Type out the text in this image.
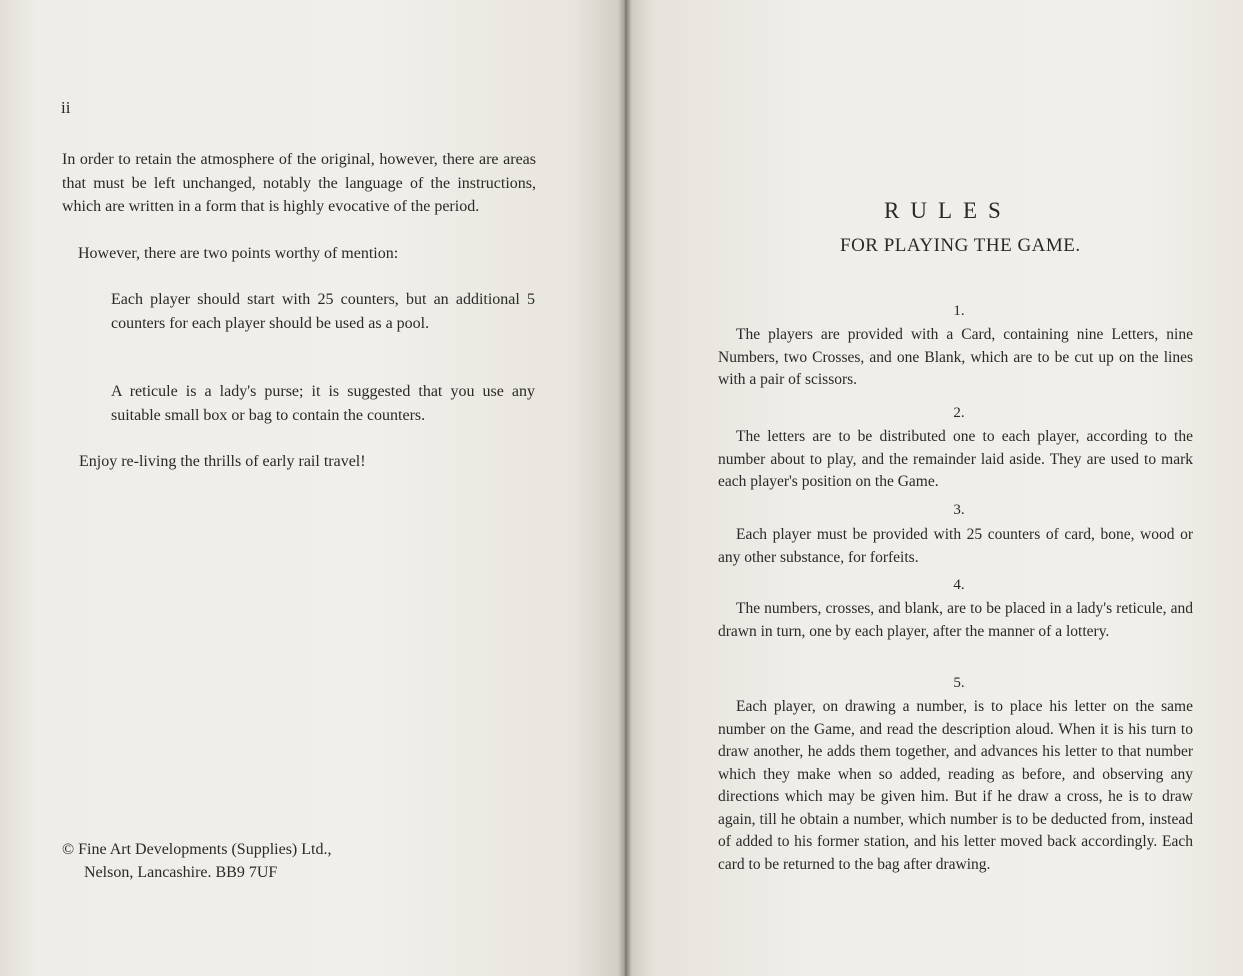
ii

In order to retain the atmosphere of the original, however, there are areas that must be left unchanged, notably the language of the instructions, which are written in a form that is highly evocative of the period.

However, there are two points worthy of mention:

Each player should start with 25 counters, but an additional 5 counters for each player should be used as a pool.

A reticule is a lady's purse; it is suggested that you use any suitable small box or bag to contain the counters.

Enjoy re-living the thrills of early rail travel!

© Fine Art Developments (Supplies) Ltd.,
Nelson, Lancashire. BB9 7UF
RULES
FOR PLAYING THE GAME.
1.

The players are provided with a Card, containing nine Letters, nine Numbers, two Crosses, and one Blank, which are to be cut up on the lines with a pair of scissors.

2.

The letters are to be distributed one to each player, according to the number about to play, and the remainder laid aside. They are used to mark each player's position on the Game.

3.

Each player must be provided with 25 counters of card, bone, wood or any other substance, for forfeits.

4.

The numbers, crosses, and blank, are to be placed in a lady's reticule, and drawn in turn, one by each player, after the manner of a lottery.

5.

Each player, on drawing a number, is to place his letter on the same number on the Game, and read the description aloud. When it is his turn to draw another, he adds them together, and advances his letter to that number which they make when so added, reading as before, and observing any directions which may be given him. But if he draw a cross, he is to draw again, till he obtain a number, which number is to be deducted from, instead of added to his former station, and his letter moved back accordingly. Each card to be returned to the bag after drawing.
